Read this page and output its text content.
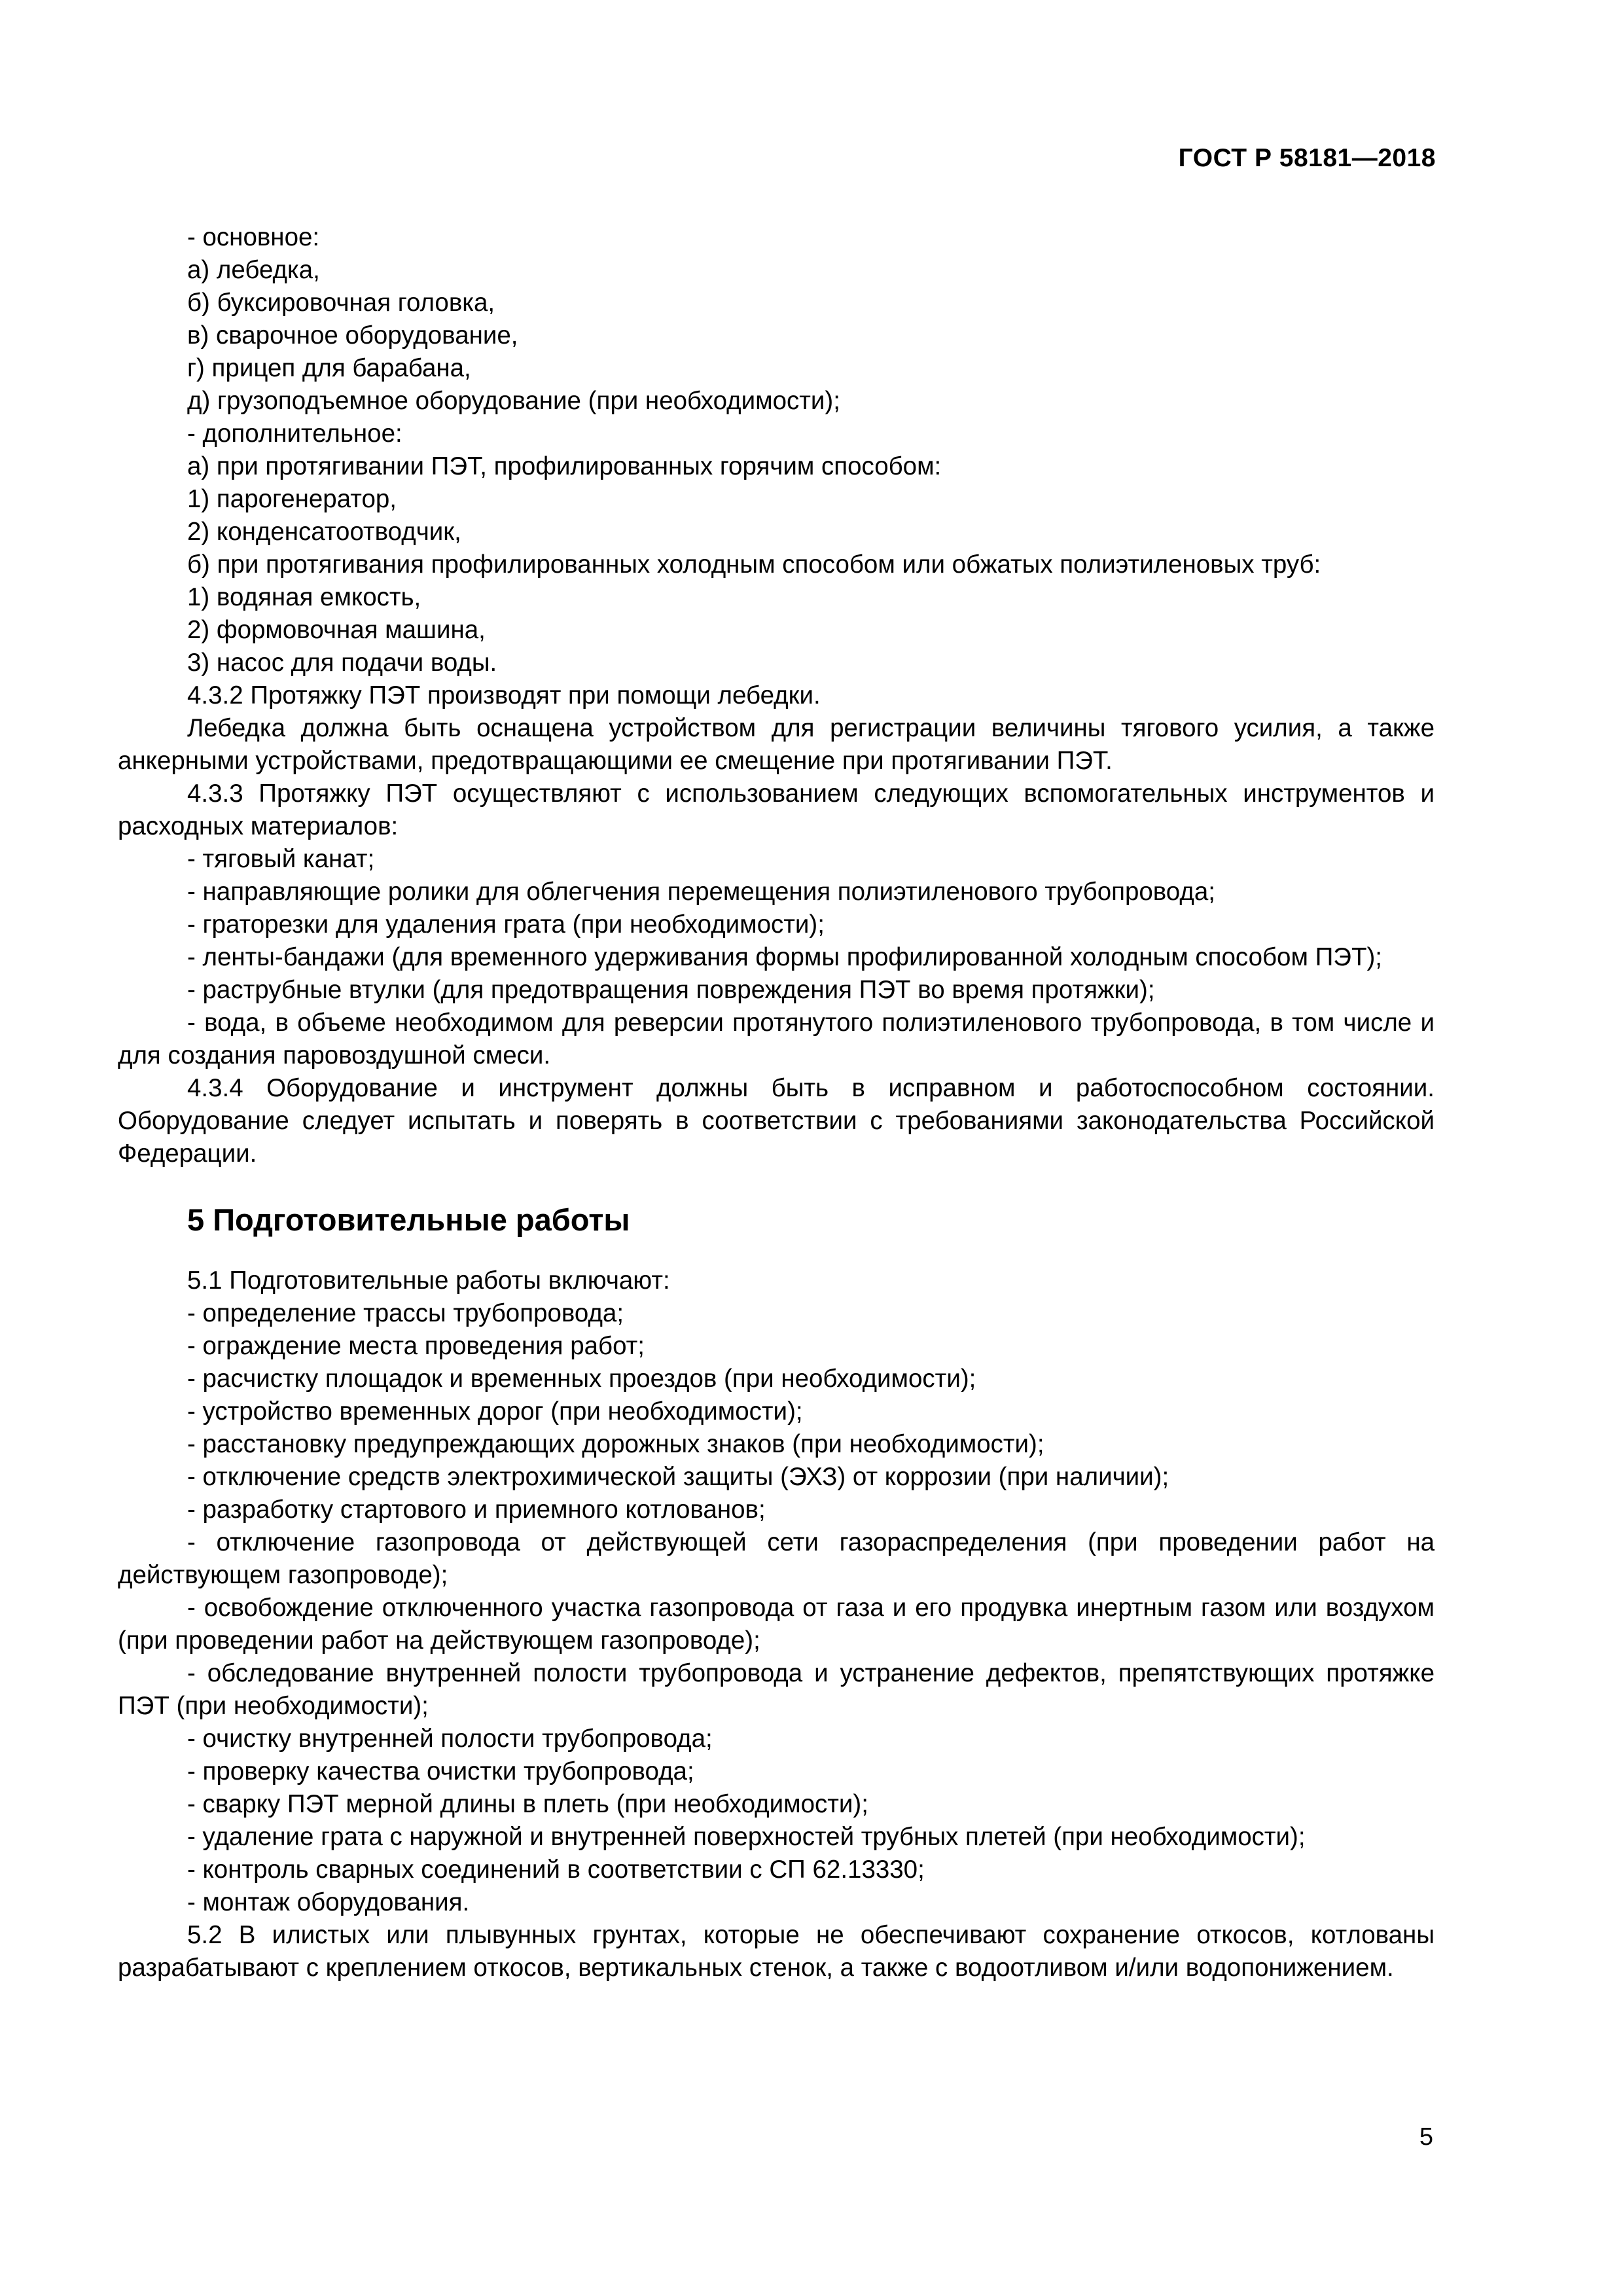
ГОСТ Р 58181—2018
- основное:
а) лебедка,
б) буксировочная головка,
в) сварочное оборудование,
г) прицеп для барабана,
д) грузоподъемное оборудование (при необходимости);
- дополнительное:
а) при протягивании ПЭТ, профилированных горячим способом:
1) парогенератор,
2) конденсатоотводчик,
б) при протягивания профилированных холодным способом или обжатых полиэтиленовых труб:
1) водяная емкость,
2) формовочная машина,
3) насос для подачи воды.
4.3.2 Протяжку ПЭТ производят при помощи лебедки.
Лебедка должна быть оснащена устройством для регистрации величины тягового усилия, а также анкерными устройствами, предотвращающими ее смещение при протягивании ПЭТ.
4.3.3 Протяжку ПЭТ осуществляют с использованием следующих вспомогательных инструментов и расходных материалов:
- тяговый канат;
- направляющие ролики для облегчения перемещения полиэтиленового трубопровода;
- граторезки для удаления грата (при необходимости);
- ленты-бандажи (для временного удерживания формы профилированной холодным способом ПЭТ);
- раструбные втулки (для предотвращения повреждения ПЭТ во время протяжки);
- вода, в объеме необходимом для реверсии протянутого полиэтиленового трубопровода, в том числе и для создания паровоздушной смеси.
4.3.4 Оборудование и инструмент должны быть в исправном и работоспособном состоянии. Оборудование следует испытать и поверять в соответствии с требованиями законодательства Российской Федерации.
5 Подготовительные работы
5.1 Подготовительные работы включают:
- определение трассы трубопровода;
- ограждение места проведения работ;
- расчистку площадок и временных проездов (при необходимости);
- устройство временных дорог (при необходимости);
- расстановку предупреждающих дорожных знаков (при необходимости);
- отключение средств электрохимической защиты (ЭХЗ) от коррозии (при наличии);
- разработку стартового и приемного котлованов;
- отключение газопровода от действующей сети газораспределения (при проведении работ на действующем газопроводе);
- освобождение отключенного участка газопровода от газа и его продувка инертным газом или воздухом (при проведении работ на действующем газопроводе);
- обследование внутренней полости трубопровода и устранение дефектов, препятствующих протяжке ПЭТ (при необходимости);
- очистку внутренней полости трубопровода;
- проверку качества очистки трубопровода;
- сварку ПЭТ мерной длины в плеть (при необходимости);
- удаление грата с наружной и внутренней поверхностей трубных плетей (при необходимости);
- контроль сварных соединений в соответствии с СП 62.13330;
- монтаж оборудования.
5.2 В илистых или плывунных грунтах, которые не обеспечивают сохранение откосов, котлованы разрабатывают с креплением откосов, вертикальных стенок, а также с водоотливом и/или водопонижением.
5
